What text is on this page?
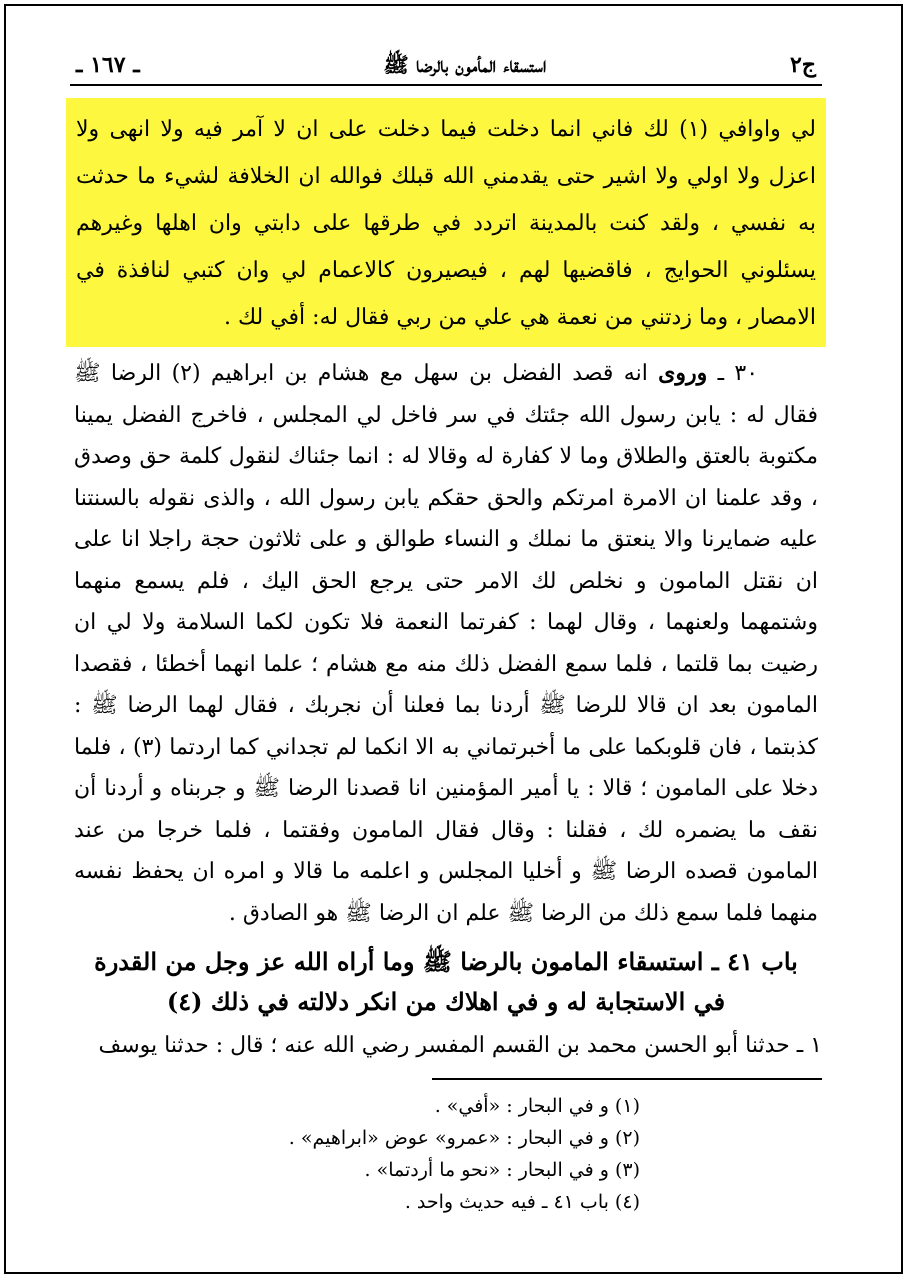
ج٢
استسقاء المأمون بالرضا ﷺ
ـ ١٦٧ ـ
لي واوافي (١) لك فاني انما دخلت فيما دخلت على ان لا آمر فيه ولا انهى ولا اعزل ولا اولي ولا اشير حتى يقدمني الله قبلك فوالله ان الخلافة لشيء ما حدثت به نفسي ، ولقد كنت بالمدينة اتردد في طرقها على دابتي وان اهلها وغيرهم يسئلوني الحوايج ، فاقضيها لهم ، فيصيرون كالاعمام لي وان كتبي لنافذة في الامصار ، وما زدتني من نعمة هي علي من ربي فقال له: أفي لك .
٣٠ ـ وروى انه قصد الفضل بن سهل مع هشام بن ابراهيم (٢) الرضا ﷺ فقال له : يابن رسول الله جئتك في سر فاخل لي المجلس ، فاخرج الفضل يمينا مكتوبة بالعتق والطلاق وما لا كفارة له وقالا له : انما جئناك لنقول كلمة حق وصدق ، وقد علمنا ان الامرة امرتكم والحق حقكم يابن رسول الله ، والذى نقوله بالسنتنا عليه ضمايرنا والا ينعتق ما نملك و النساء طوالق و على ثلاثون حجة راجلا انا على ان نقتل المامون و نخلص لك الامر حتى يرجع الحق اليك ، فلم يسمع منهما وشتمهما ولعنهما ، وقال لهما : كفرتما النعمة فلا تكون لكما السلامة ولا لي ان رضيت بما قلتما ، فلما سمع الفضل ذلك منه مع هشام ؛ علما انهما أخطئا ، فقصدا المامون بعد ان قالا للرضا ﷺ أردنا بما فعلنا أن نجربك ، فقال لهما الرضا ﷺ : كذبتما ، فان قلوبكما على ما أخبرتماني به الا انكما لم تجداني كما اردتما (٣) ، فلما دخلا على المامون ؛ قالا : يا أمير المؤمنين انا قصدنا الرضا ﷺ و جربناه و أردنا أن نقف ما يضمره لك ، فقلنا : وقال فقال المامون وفقتما ، فلما خرجا من عند المامون قصده الرضا ﷺ و أخليا المجلس و اعلمه ما قالا و امره ان يحفظ نفسه منهما فلما سمع ذلك من الرضا ﷺ علم ان الرضا ﷺ هو الصادق .
باب ٤١ ـ استسقاء المامون بالرضا ﷺ وما أراه الله عز وجل من القدرة
في الاستجابة له و في اهلاك من انكر دلالته في ذلك (٤)
١ ـ حدثنا أبو الحسن محمد بن القسم المفسر رضي الله عنه ؛ قال : حدثنا يوسف
(١) و في البحار : «أفي» .
(٢) و في البحار : «عمرو» عوض «ابراهيم» .
(٣) و في البحار : «نحو ما أردتما» .
(٤) باب ٤١ ـ فيه حديث واحد .
